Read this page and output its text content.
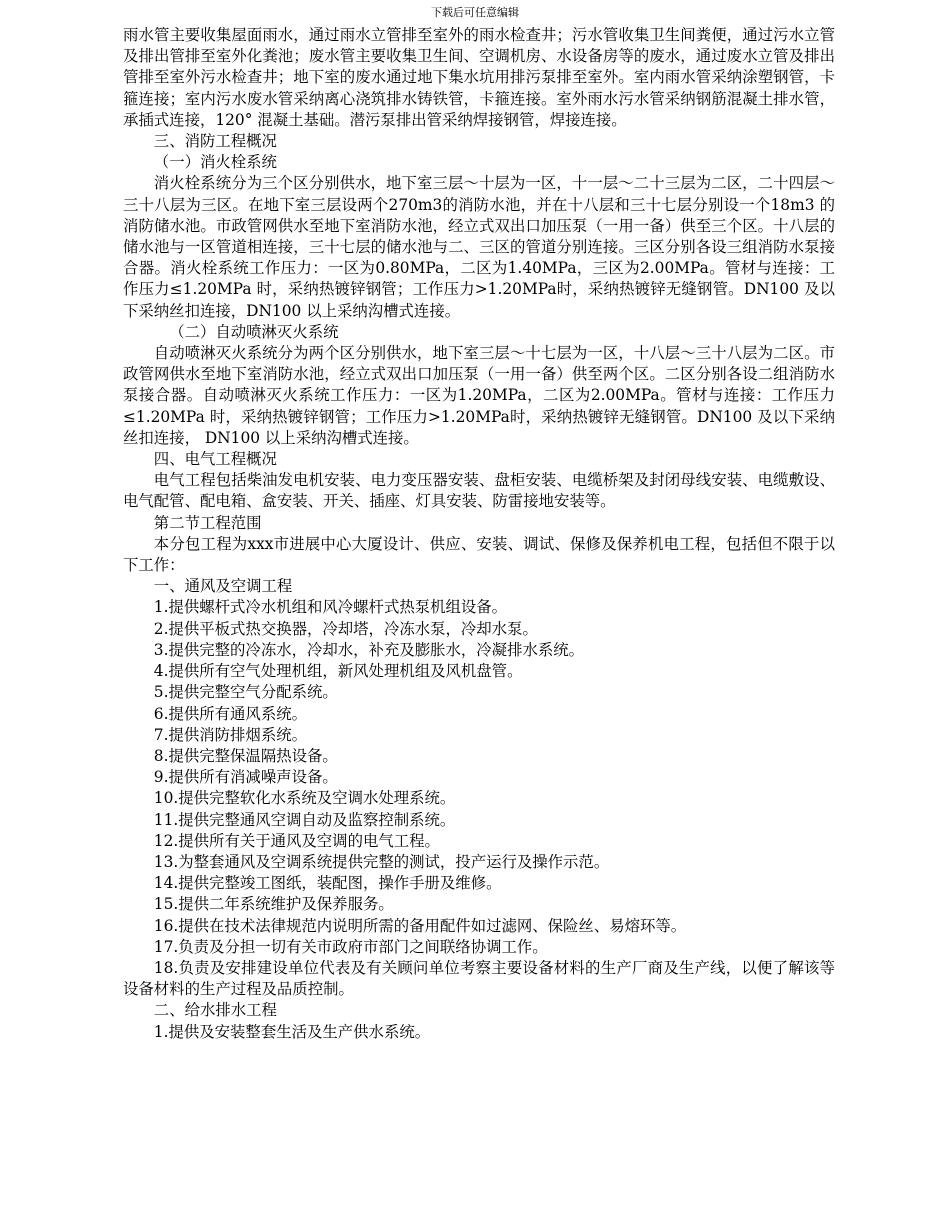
下载后可任意编辑

雨水管主要收集屋面雨水，通过雨水立管排至室外的雨水检查井；污水管收集卫生间粪便，通过污水立管及排出管排至室外化粪池；废水管主要收集卫生间、空调机房、水设备房等的废水，通过废水立管及排出管排至室外污水检查井；地下室的废水通过地下集水坑用排污泵排至室外。室内雨水管采纳涂塑钢管，卡箍连接；室内污水废水管采纳离心浇筑排水铸铁管，卡箍连接。室外雨水污水管采纳钢筋混凝土排水管，承插式连接，120° 混凝土基础。潜污泵排出管采纳焊接钢管，焊接连接。

三、消防工程概况

（一）消火栓系统

消火栓系统分为三个区分别供水，地下室三层～十层为一区，十一层～二十三层为二区，二十四层～三十八层为三区。在地下室三层设两个270m3的消防水池，并在十八层和三十七层分别设一个18m3 的消防储水池。市政管网供水至地下室消防水池，经立式双出口加压泵（一用一备）供至三个区。十八层的储水池与一区管道相连接，三十七层的储水池与二、三区的管道分别连接。三区分别各设三组消防水泵接合器。消火栓系统工作压力：一区为0.80MPa，二区为1.40MPa，三区为2.00MPa。管材与连接：工作压力≤1.20MPa 时，采纳热镀锌钢管；工作压力>1.20MPa时，采纳热镀锌无缝钢管。DN100 及以下采纳丝扣连接，DN100 以上采纳沟槽式连接。

（二）自动喷淋灭火系统

自动喷淋灭火系统分为两个区分别供水，地下室三层～十七层为一区，十八层～三十八层为二区。市政管网供水至地下室消防水池，经立式双出口加压泵（一用一备）供至两个区。二区分别各设二组消防水泵接合器。自动喷淋灭火系统工作压力：一区为1.20MPa，二区为2.00MPa。管材与连接：工作压力≤1.20MPa 时，采纳热镀锌钢管；工作压力>1.20MPa时，采纳热镀锌无缝钢管。DN100 及以下采纳丝扣连接， DN100 以上采纳沟槽式连接。

四、电气工程概况

电气工程包括柴油发电机安装、电力变压器安装、盘柜安装、电缆桥架及封闭母线安装、电缆敷设、电气配管、配电箱、盒安装、开关、插座、灯具安装、防雷接地安装等。

第二节工程范围

本分包工程为xxx市进展中心大厦设计、供应、安装、调试、保修及保养机电工程，包括但不限于以下工作：

一、通风及空调工程

1.提供螺杆式冷水机组和风冷螺杆式热泵机组设备。

2.提供平板式热交换器，冷却塔，冷冻水泵，冷却水泵。

3.提供完整的冷冻水，冷却水，补充及膨胀水，冷凝排水系统。

4.提供所有空气处理机组，新风处理机组及风机盘管。

5.提供完整空气分配系统。

6.提供所有通风系统。

7.提供消防排烟系统。

8.提供完整保温隔热设备。

9.提供所有消减噪声设备。

10.提供完整软化水系统及空调水处理系统。

11.提供完整通风空调自动及监察控制系统。

12.提供所有关于通风及空调的电气工程。

13.为整套通风及空调系统提供完整的测试，投产运行及操作示范。

14.提供完整竣工图纸，装配图，操作手册及维修。

15.提供二年系统维护及保养服务。

16.提供在技术法律规范内说明所需的备用配件如过滤网、保险丝、易熔环等。

17.负责及分担一切有关市政府市部门之间联络协调工作。

18.负责及安排建设单位代表及有关顾问单位考察主要设备材料的生产厂商及生产线，以便了解该等设备材料的生产过程及品质控制。

二、给水排水工程

1.提供及安装整套生活及生产供水系统。
